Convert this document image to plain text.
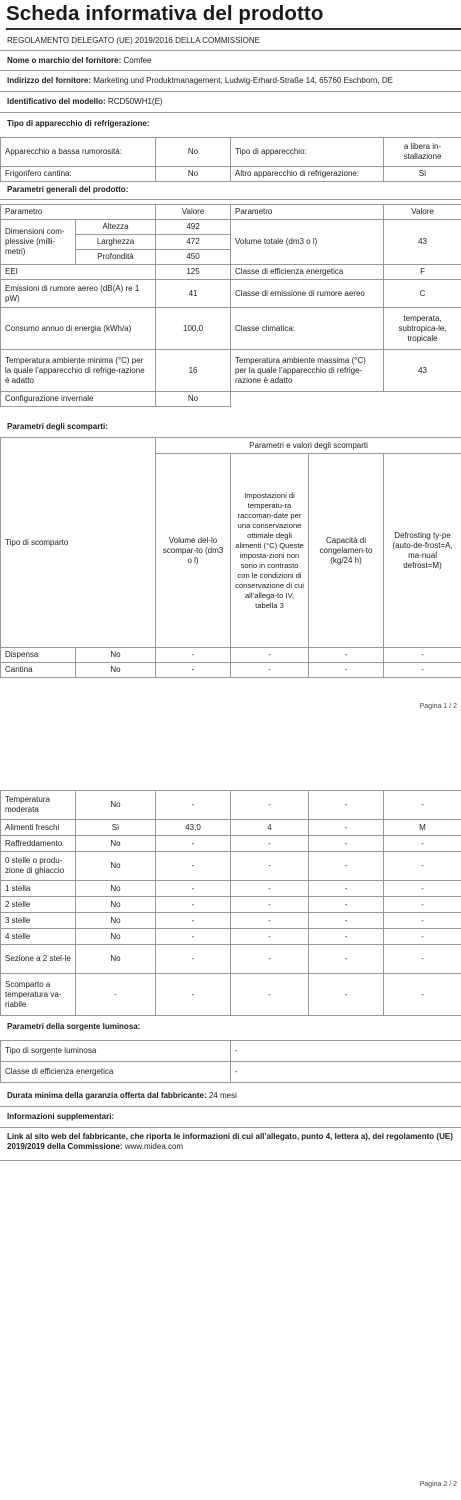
Scheda informativa del prodotto
REGOLAMENTO DELEGATO (UE) 2019/2016 DELLA COMMISSIONE
Nome o marchio del fornitore: Comfee
Indirizzo del fornitore: Marketing und Produktmanagement, Ludwig-Erhard-Straße 14, 65760 Eschborn, DE
Identificativo del modello: RCD50WH1(E)
Tipo di apparecchio di refrigerazione:
Apparecchio a bassa rumorosità:	No	Tipo di apparecchio:	a libera in-stallazione
Frigorifero cantina:	No	Altro apparecchio di refrigerazione:	Sì
Parametri generali del prodotto:
Parametro		Valore	Parametro	Valore
Dimensioni com-plessive (milli-metri)	Altezza	492	Volume totale (dm3 o l)	43
	Larghezza	472		
	Profondità	450		
EEI		125	Classe di efficienza energetica	F
Emissioni di rumore aereo (dB(A) re 1 pW)		41	Classe di emissione di rumore aereo	C
Consumo annuo di energia (kWh/a)		100,0	Classe climatica:	temperata, subtropica-le, tropicale
Temperatura ambiente minima (°C) per la quale l’apparecchio di refrige-razione è adatto		16	Temperatura ambiente massima (°C) per la quale l’apparecchio di refrige-razione è adatto	43
Configurazione invernale		No		
Parametri degli scomparti:
Tipo di scomparto		Parametri e valori degli scomparti			
		Volume del-lo scompar-to (dm3 o l)	Impostazioni di temperatu-ra raccoman-date per una conservazione ottimale degli alimenti (°C) Queste imposta-zioni non sono in contrasto con le condizioni di conservazione di cui all’allega-to IV, tabella 3	Capacità di congelamen-to (kg/24 h)	Defrosting ty-pe (auto-de-frost=A, ma-nual defrost=M)
Dispensa	No	-	-	-	-
Cantina	No	-	-	-	-
Pagina 1 / 2
Temperatura moderata	No	-	-	-	-
Alimenti freschi	Sì	43,0	4	-	M
Raffreddamento	No	-	-	-	-
0 stelle o produ-zione di ghiaccio	No	-	-	-	-
1 stella	No	-	-	-	-
2 stelle	No	-	-	-	-
3 stelle	No	-	-	-	-
4 stelle	No	-	-	-	-
Sezione a 2 stel-le	No	-	-	-	-
Scomparto a temperatura va-riabile	-	-	-	-	-
Parametri della sorgente luminosa:
Tipo di sorgente luminosa	-
Classe di efficienza energetica	-
Durata minima della garanzia offerta dal fabbricante: 24 mesi
Informazioni supplementari:
Link al sito web del fabbricante, che riporta le informazioni di cui all’allegato, punto 4, lettera a), del regolamento (UE) 2019/2019 della Commissione: www.midea.com
Pagina 2 / 2
